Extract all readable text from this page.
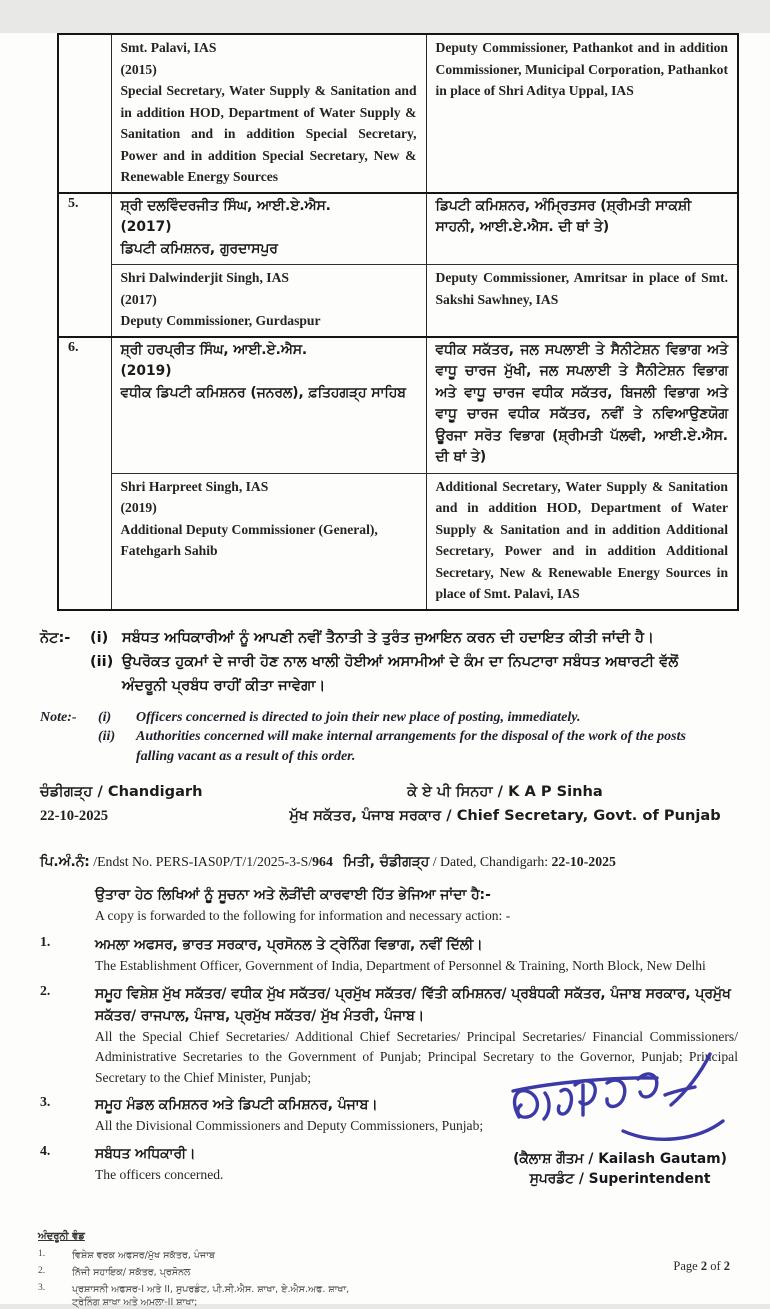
	Smt. Palavi, IAS
(2015)
Special Secretary, Water Supply & Sanitation and in addition HOD, Department of Water Supply & Sanitation and in addition Special Secretary, Power and in addition Special Secretary, New & Renewable Energy Sources	Deputy Commissioner, Pathankot and in addition Commissioner, Municipal Corporation, Pathankot in place of Shri Aditya Uppal, IAS
5.	ਸ਼੍ਰੀ ਦਲਵਿੰਦਰਜੀਤ ਸਿੰਘ, ਆਈ.ਏ.ਐਸ.
(2017)
ਡਿਪਟੀ ਕਮਿਸ਼ਨਰ, ਗੁਰਦਾਸਪੁਰ	ਡਿਪਟੀ ਕਮਿਸ਼ਨਰ, ਅੰਮ੍ਰਿਤਸਰ (ਸ਼੍ਰੀਮਤੀ ਸਾਕਸ਼ੀ ਸਾਹਨੀ, ਆਈ.ਏ.ਐਸ. ਦੀ ਥਾਂ ਤੇ)

	Shri Dalwinderjit Singh, IAS
(2017)
Deputy Commissioner, Gurdaspur	Deputy Commissioner, Amritsar in place of Smt. Sakshi Sawhney, IAS
6.	ਸ਼੍ਰੀ ਹਰਪ੍ਰੀਤ ਸਿੰਘ, ਆਈ.ਏ.ਐਸ.
(2019)
ਵਧੀਕ ਡਿਪਟੀ ਕਮਿਸ਼ਨਰ (ਜਨਰਲ), ਫ਼ਤਿਹਗੜ੍ਹ ਸਾਹਿਬ
	ਵਧੀਕ ਸਕੱਤਰ, ਜਲ ਸਪਲਾਈ ਤੇ ਸੈਨੀਟੇਸ਼ਨ ਵਿਭਾਗ ਅਤੇ ਵਾਧੂ ਚਾਰਜ ਮੁੱਖੀ, ਜਲ ਸਪਲਾਈ ਤੇ ਸੈਨੀਟੇਸ਼ਨ ਵਿਭਾਗ ਅਤੇ ਵਾਧੂ ਚਾਰਜ ਵਧੀਕ ਸਕੱਤਰ, ਬਿਜਲੀ ਵਿਭਾਗ ਅਤੇ ਵਾਧੂ ਚਾਰਜ ਵਧੀਕ ਸਕੱਤਰ, ਨਵੀਂ ਤੇ ਨਵਿਆਉਣਯੋਗ ਊਰਜਾ ਸਰੋਤ ਵਿਭਾਗ (ਸ਼੍ਰੀਮਤੀ ਪੱਲਵੀ, ਆਈ.ਏ.ਐਸ. ਦੀ ਥਾਂ ਤੇ)

Shri Harpreet Singh, IAS
(2019)
Additional Deputy Commissioner (General), Fatehgarh Sahib
	Additional Secretary, Water Supply & Sanitation and in addition HOD, Department of Water Supply & Sanitation and in addition Additional Secretary, Power and in addition Additional Secretary, New & Renewable Energy Sources in place of Smt. Palavi, IAS
ਨੋਟ:-	(i) ਸਬੰਧਤ ਅਧਿਕਾਰੀਆਂ ਨੂੰ ਆਪਣੀ ਨਵੀਂ ਤੈਨਾਤੀ ਤੇ ਤੁਰੰਤ ਜੁਆਇਨ ਕਰਨ ਦੀ ਹਦਾਇਤ ਕੀਤੀ ਜਾਂਦੀ ਹੈ।
(ii) ਉਪਰੋਕਤ ਹੁਕਮਾਂ ਦੇ ਜਾਰੀ ਹੋਣ ਨਾਲ ਖਾਲੀ ਹੋਈਆਂ ਅਸਾਮੀਆਂ ਦੇ ਕੰਮ ਦਾ ਨਿਪਟਾਰਾ ਸਬੰਧਤ ਅਥਾਰਟੀ ਵੱਲੋਂ ਅੰਦਰੂਨੀ ਪ੍ਰਬੰਧ ਰਾਹੀਂ ਕੀਤਾ ਜਾਵੇਗਾ।
Note:-	(i)	Officers concerned is directed to join their new place of posting, immediately.
(ii)	Authorities concerned will make internal arrangements for the disposal of the work of the posts falling vacant as a result of this order.
ਚੰਡੀਗੜ੍ਹ / Chandigarh
22-10-2025
ਕੇ ਏ ਪੀ ਸਿਨਹਾ / K A P Sinha
ਮੁੱਖ ਸਕੱਤਰ, ਪੰਜਾਬ ਸਰਕਾਰ / Chief Secretary, Govt. of Punjab
ਪਿ.ਅੰ.ਨੰ: /Endst No. PERS-IAS0P/T/1/2025-3-S/964 ਮਿਤੀ, ਚੰਡੀਗੜ੍ਹ / Dated, Chandigarh: 22-10-2025
ਉਤਾਰਾ ਹੇਠ ਲਿਖਿਆਂ ਨੂੰ ਸੂਚਨਾ ਅਤੇ ਲੋੜੀਂਦੀ ਕਾਰਵਾਈ ਹਿੱਤ ਭੇਜਿਆ ਜਾਂਦਾ ਹੈ:-
A copy is forwarded to the following for information and necessary action: -
1.	ਅਮਲਾ ਅਫਸਰ, ਭਾਰਤ ਸਰਕਾਰ, ਪ੍ਰਸੋਨਲ ਤੇ ਟ੍ਰੇਨਿੰਗ ਵਿਭਾਗ, ਨਵੀਂ ਦਿੱਲੀ।
The Establishment Officer, Government of India, Department of Personnel & Training, North Block, New Delhi
2.	ਸਮੂਹ ਵਿਸ਼ੇਸ਼ ਮੁੱਖ ਸਕੱਤਰ/ ਵਧੀਕ ਮੁੱਖ ਸਕੱਤਰ/ ਪ੍ਰਮੁੱਖ ਸਕੱਤਰ/ ਵਿੱਤੀ ਕਮਿਸ਼ਨਰ/ ਪ੍ਰਬੰਧਕੀ ਸਕੱਤਰ, ਪੰਜਾਬ ਸਰਕਾਰ, ਪ੍ਰਮੁੱਖ ਸਕੱਤਰ/ ਰਾਜਪਾਲ, ਪੰਜਾਬ, ਪ੍ਰਮੁੱਖ ਸਕੱਤਰ/ ਮੁੱਖ ਮੰਤਰੀ, ਪੰਜਾਬ।
All the Special Chief Secretaries/ Additional Chief Secretaries/ Principal Secretaries/ Financial Commissioners/ Administrative Secretaries to the Government of Punjab; Principal Secretary to the Governor, Punjab; Principal Secretary to the Chief Minister, Punjab;
3.	ਸਮੂਹ ਮੰਡਲ ਕਮਿਸ਼ਨਰ ਅਤੇ ਡਿਪਟੀ ਕਮਿਸ਼ਨਰ, ਪੰਜਾਬ।
All the Divisional Commissioners and Deputy Commissioners, Punjab;
4.	ਸਬੰਧਤ ਅਧਿਕਾਰੀ।
The officers concerned.
ਅੰਦਰੂਨੀ ਵੰਡ
1.	ਵਿਸ਼ੇਸ਼ ਵਰਕ ਅਫਸਰ/ਮੁੱਖ ਸਕੱਤਰ, ਪੰਜਾਬ
2.	ਨਿੱਜੀ ਸਹਾਇਕ/ ਸਕੱਤਰ, ਪ੍ਰਸੋਨਲ
3.	ਪ੍ਰਸ਼ਾਸਨੀ ਅਫਸਰ-I ਅਤੇ II, ਸੁਪਰਡੰਟ, ਪੀ.ਸੀ.ਐਸ. ਸ਼ਾਖਾ, ਏ.ਐਸ.ਅਫ. ਸ਼ਾਖਾ, ਟ੍ਰੇਨਿੰਗ ਸ਼ਾਖਾ ਅਤੇ ਅਮਲਾ-II ਸ਼ਾਖਾ;
(ਕੈਲਾਸ਼ ਗੌਤਮ / Kailash Gautam)
ਸੁਪਰਡੰਟ / Superintendent
Page 2 of 2
